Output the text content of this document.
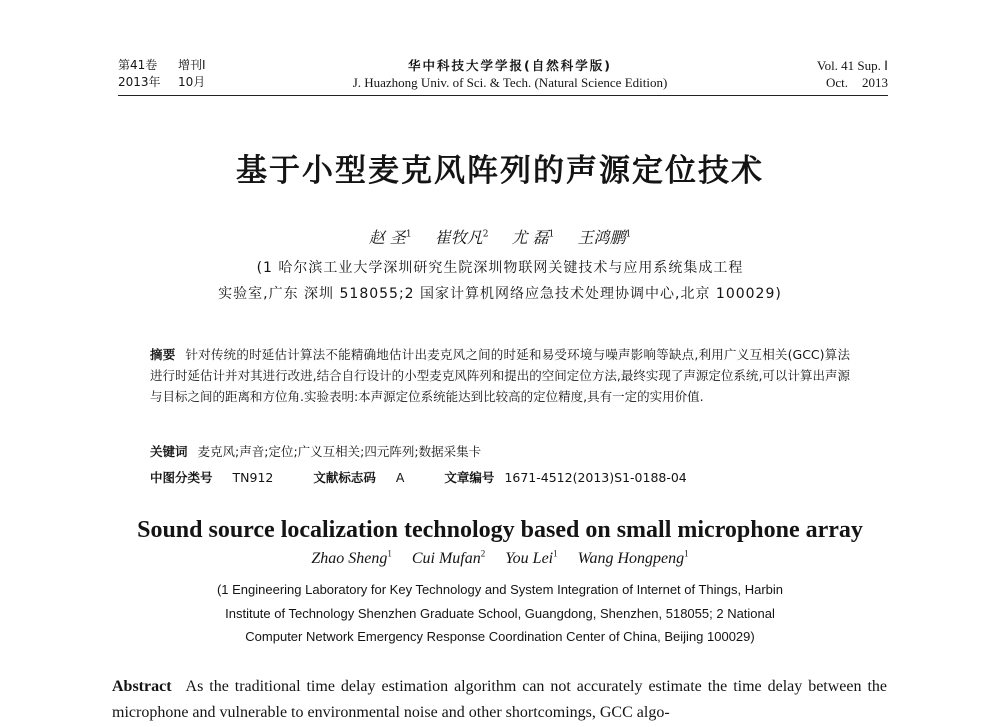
第41卷 增刊Ⅰ
2013年 10月
华中科技大学学报(自然科学版)
J. Huazhong Univ. of Sci. & Tech. (Natural Science Edition)
Vol. 41 Sup. Ⅰ
Oct. 2013
基于小型麦克风阵列的声源定位技术
赵 圣$^1$ 崔牧凡$^2$ 尤 磊$^1$ 王鸿鹏$^1$
(1 哈尔滨工业大学深圳研究生院深圳物联网关键技术与应用系统集成工程
实验室,广东 深圳 518055;2 国家计算机网络应急技术处理协调中心,北京 100029)
摘要 针对传统的时延估计算法不能精确地估计出麦克风之间的时延和易受环境与噪声影响等缺点,利用广义互相关(GCC)算法进行时延估计并对其进行改进,结合自行设计的小型麦克风阵列和提出的空间定位方法,最终实现了声源定位系统,可以计算出声源与目标之间的距离和方位角.实验表明:本声源定位系统能达到比较高的定位精度,具有一定的实用价值.
关键词 麦克风;声音;定位;广义互相关;四元阵列;数据采集卡
中图分类号 TN912	文献标志码 A	文章编号 1671-4512(2013)S1-0188-04
Sound source localization technology based on small microphone array
Zhao Sheng$^1$ Cui Mufan$^2$ You Lei$^1$ Wang Hongpeng$^1$
(1 Engineering Laboratory for Key Technology and System Integration of Internet of Things, Harbin
Institute of Technology Shenzhen Graduate School, Guangdong, Shenzhen, 518055; 2 National
Computer Network Emergency Response Coordination Center of China, Beijing 100029)
Abstract As the traditional time delay estimation algorithm can not accurately estimate the time delay between the microphone and vulnerable to environmental noise and other shortcomings, GCC algo-
